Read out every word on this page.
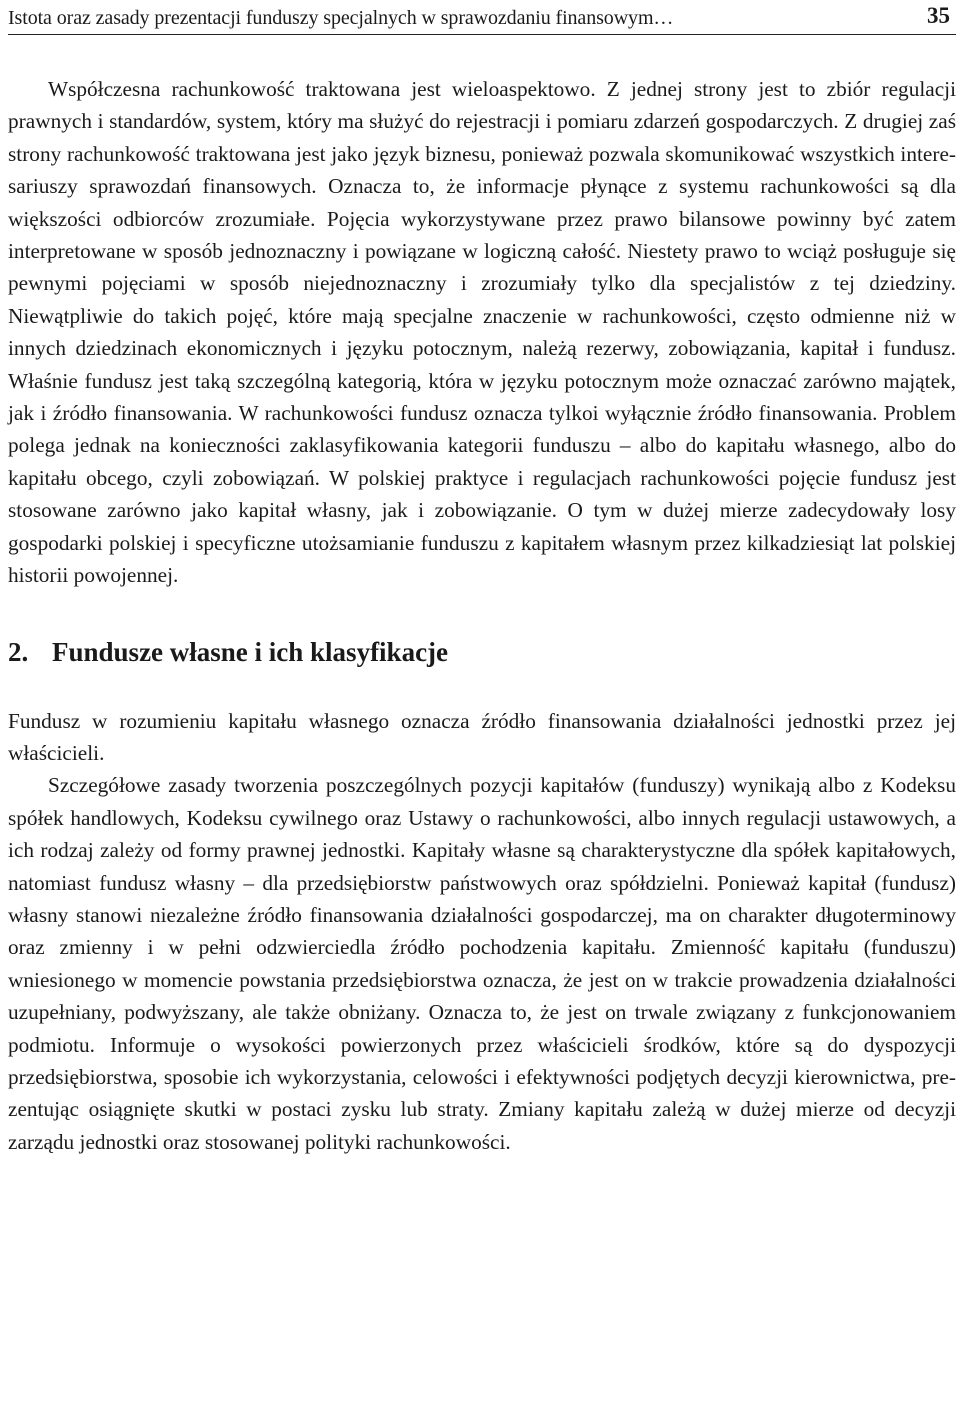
Istota oraz zasady prezentacji funduszy specjalnych w sprawozdaniu finansowym…	35

Współczesna rachunkowość traktowana jest wieloaspektowo. Z jednej strony jest to zbiór regulacji prawnych i standardów, system, który ma służyć do rejestracji i pomiaru zdarzeń gospodarczych. Z drugiej zaś strony rachunkowość traktowana jest jako język biznesu, ponieważ pozwala skomunikować wszystkich interesariuszy sprawozdań finansowych. Oznacza to, że informacje płynące z systemu rachunkowości są dla większości odbiorców zrozumiałe. Pojęcia wykorzystywane przez prawo bilansowe powinny być zatem interpretowane w sposób jednoznaczny i powiązane w logiczną całość. Niestety prawo to wciąż posługuje się pewnymi pojęciami w sposób niejednoznaczny i zrozumiały tylko dla specjalistów z tej dziedziny. Niewątpliwie do takich pojęć, które mają specjalne znaczenie w rachunkowości, często odmienne niż w innych dziedzinach ekonomicznych i języku potocznym, należą rezerwy, zobowiązania, kapitał i fundusz. Właśnie fundusz jest taką szczególną kategorią, która w języku potocznym może oznaczać zarówno majątek, jak i źródło finansowania. W rachunkowości fundusz oznacza tylkoi wyłącznie źródło finansowania. Problem polega jednak na konieczności zaklasyfikowania kategorii funduszu – albo do kapitału własnego, albo do kapitału obcego, czyli zobowiązań. W polskiej praktyce i regulacjach rachunkowości pojęcie fundusz jest stosowane zarówno jako kapitał własny, jak i zobowiązanie. O tym w dużej mierze zadecydowały losy gospodarki polskiej i specyficzne utożsamianie funduszu z kapitałem własnym przez kilkadziesiąt lat polskiej historii powojennej.

2. Fundusze własne i ich klasyfikacje

Fundusz w rozumieniu kapitału własnego oznacza źródło finansowania działalności jednostki przez jej właścicieli.

Szczegółowe zasady tworzenia poszczególnych pozycji kapitałów (funduszy) wynikają albo z Kodeksu spółek handlowych, Kodeksu cywilnego oraz Ustawy o rachunkowości, albo innych regulacji ustawowych, a ich rodzaj zależy od formy prawnej jednostki. Kapitały własne są charakterystyczne dla spółek kapitałowych, natomiast fundusz własny – dla przedsiębiorstw państwowych oraz spółdzielni. Ponieważ kapitał (fundusz) własny stanowi niezależne źródło finansowania działalności gospodarczej, ma on charakter długoterminowy oraz zmienny i w pełni odzwierciedla źródło pochodzenia kapitału. Zmienność kapitału (funduszu) wniesionego w momencie powstania przedsiębiorstwa oznacza, że jest on w trakcie prowadzenia działalności uzupełniany, podwyższany, ale także obniżany. Oznacza to, że jest on trwale związany z funkcjonowaniem podmiotu. Informuje o wysokości powierzonych przez właścicieli środków, które są do dyspozycji przedsiębiorstwa, sposobie ich wykorzystania, celowości i efektywności podjętych decyzji kierownictwa, prezentując osiągnięte skutki w postaci zysku lub straty. Zmiany kapitału zależą w dużej mierze od decyzji zarządu jednostki oraz stosowanej polityki rachunkowości.
